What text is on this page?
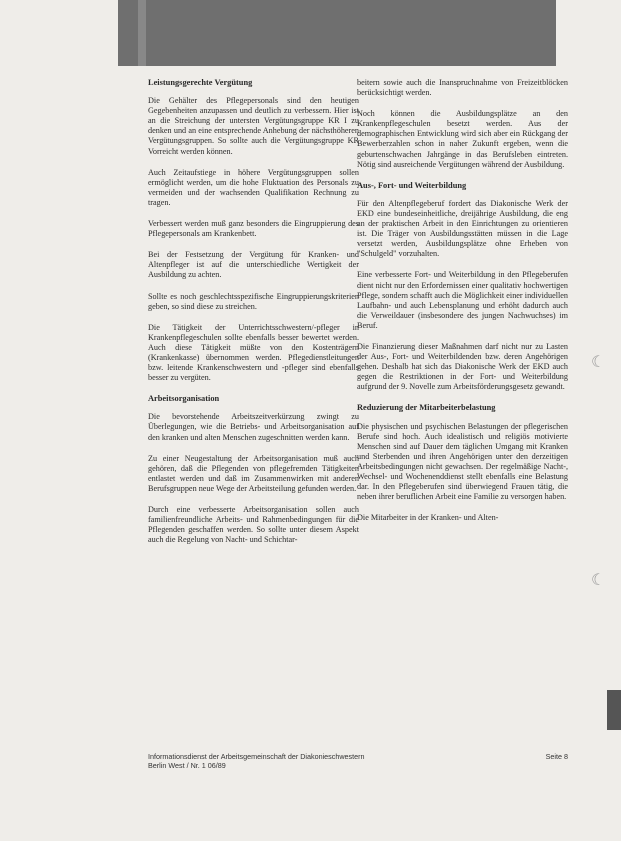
☾
☾
Leistungsgerechte Vergütung

Die Gehälter des Pflegepersonals sind den heutigen Gegebenheiten anzupassen und deutlich zu verbessern. Hier ist an die Streichung der untersten Vergütungsgruppe KR I zu denken und an eine entsprechende Anhebung der nächsthöheren Vergütungsgruppen. So sollte auch die Vergütungsgruppe KR Vorreicht werden können.

Auch Zeitaufstiege in höhere Vergütungsgruppen sollen ermöglicht werden, um die hohe Fluktuation des Personals zu vermeiden und der wachsenden Qualifikation Rechnung zu tragen.

Verbessert werden muß ganz besonders die Eingruppierung des Pflegepersonals am Krankenbett.

Bei der Festsetzung der Vergütung für Kranken- und Altenpfleger ist auf die unterschiedliche Wertigkeit der Ausbildung zu achten.

Sollte es noch geschlechtsspezifische Eingruppierungskriterien geben, so sind diese zu streichen.

Die Tätigkeit der Unterrichtsschwestern/-pfleger in Krankenpflegeschulen sollte ebenfalls besser bewertet werden. Auch diese Tätigkeit müßte von den Kostenträgern (Krankenkasse) übernommen werden. Pflegedienstleitungen bzw. leitende Krankenschwestern und -pfleger sind ebenfalls besser zu vergüten.

Arbeitsorganisation

Die bevorstehende Arbeitszeitverkürzung zwingt zu Überlegungen, wie die Betriebs- und Arbeitsorganisation auf den kranken und alten Menschen zugeschnitten werden kann.

Zu einer Neugestaltung der Arbeitsorganisation muß auch gehören, daß die Pflegenden von pflegefremden Tätigkeiten entlastet werden und daß im Zusammenwirken mit anderen Berufsgruppen neue Wege der Arbeitsteilung gefunden werden.

Durch eine verbesserte Arbeitsorganisation sollen auch familienfreundliche Arbeits- und Rahmenbedingungen für die Pflegenden geschaffen werden. So sollte unter diesem Aspekt auch die Regelung von Nacht- und Schichtar-

beitern sowie auch die Inanspruchnahme von Freizeitblöcken berücksichtigt werden.

Noch können die Ausbildungsplätze an den Krankenpflegeschulen besetzt werden. Aus der demographischen Entwicklung wird sich aber ein Rückgang der Bewerberzahlen schon in naher Zukunft ergeben, wenn die geburtenschwachen Jahrgänge in das Berufsleben eintreten. Nötig sind ausreichende Vergütungen während der Ausbildung.

Aus-, Fort- und Weiterbildung

Für den Altenpflegeberuf fordert das Diakonische Werk der EKD eine bundeseinheitliche, dreijährige Ausbildung, die eng an der praktischen Arbeit in den Einrichtungen zu orientieren ist. Die Träger von Ausbildungsstätten müssen in die Lage versetzt werden, Ausbildungsplätze ohne Erheben von "Schulgeld" vorzuhalten.

Eine verbesserte Fort- und Weiterbildung in den Pflegeberufen dient nicht nur den Erfordernissen einer qualitativ hochwertigen Pflege, sondern schafft auch die Möglichkeit einer individuellen Laufbahn- und auch Lebensplanung und erhöht dadurch auch die Verweildauer (insbesondere des jungen Nachwuchses) im Beruf.

Die Finanzierung dieser Maßnahmen darf nicht nur zu Lasten der Aus-, Fort- und Weiterbildenden bzw. deren Angehörigen gehen. Deshalb hat sich das Diakonische Werk der EKD auch gegen die Restriktionen in der Fort- und Weiterbildung aufgrund der 9. Novelle zum Arbeitsförderungsgesetz gewandt.

Reduzierung der Mitarbeiterbelastung

Die physischen und psychischen Belastungen der pflegerischen Berufe sind hoch. Auch idealistisch und religiös motivierte Menschen sind auf Dauer dem täglichen Umgang mit Kranken und Sterbenden und ihren Angehörigen unter den derzeitigen Arbeitsbedingungen nicht gewachsen. Der regelmäßige Nacht-, Wechsel- und Wochenenddienst stellt ebenfalls eine Belastung dar. In den Pflegeberufen sind überwiegend Frauen tätig, die neben ihrer beruflichen Arbeit eine Familie zu versorgen haben.

Die Mitarbeiter in der Kranken- und Alten-

Informationsdienst der Arbeitsgemeinschaft der Diakonieschwestern Berlin West / Nr. 1 06/89
Seite 8
